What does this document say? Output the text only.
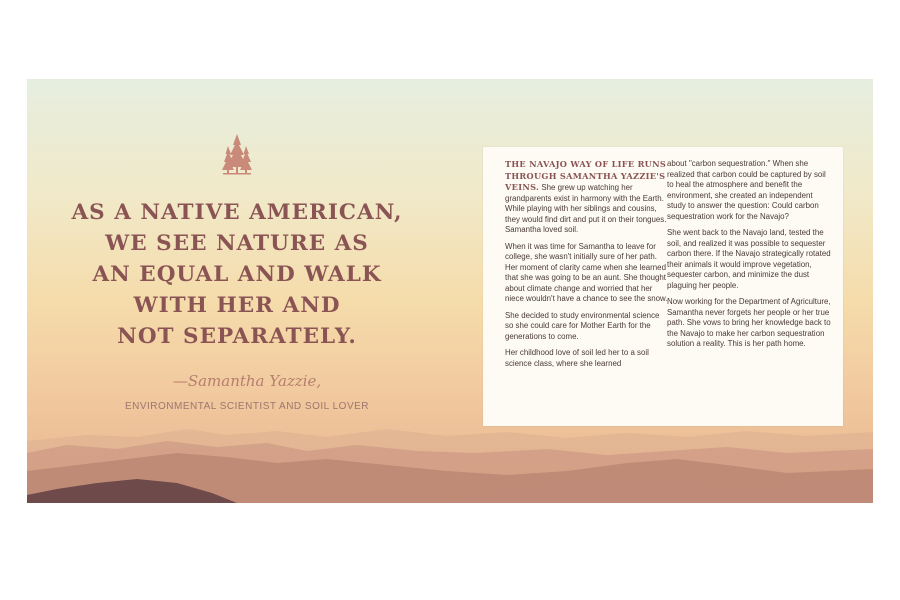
AS A NATIVE AMERICAN,
WE SEE NATURE AS
AN EQUAL AND WALK
WITH HER AND
NOT SEPARATELY.
—Samantha Yazzie,
ENVIRONMENTAL SCIENTIST AND SOIL LOVER

THE NAVAJO WAY OF LIFE RUNS THROUGH SAMANTHA YAZZIE'S VEINS. She grew up watching her grandparents exist in harmony with the Earth. While playing with her siblings and cousins, they would find dirt and put it on their tongues. Samantha loved soil.

When it was time for Samantha to leave for college, she wasn't initially sure of her path. Her moment of clarity came when she learned that she was going to be an aunt. She thought about climate change and worried that her niece wouldn't have a chance to see the snow.

She decided to study environmental science so she could care for Mother Earth for the generations to come.

Her childhood love of soil led her to a soil science class, where she learned

about "carbon sequestration." When she realized that carbon could be captured by soil to heal the atmosphere and benefit the environment, she created an independent study to answer the question: Could carbon sequestration work for the Navajo?

She went back to the Navajo land, tested the soil, and realized it was possible to sequester carbon there. If the Navajo strategically rotated their animals it would improve vegetation, sequester carbon, and minimize the dust plaguing her people.

Now working for the Department of Agriculture, Samantha never forgets her people or her true path. She vows to bring her knowledge back to the Navajo to make her carbon sequestration solution a reality. This is her path home.
